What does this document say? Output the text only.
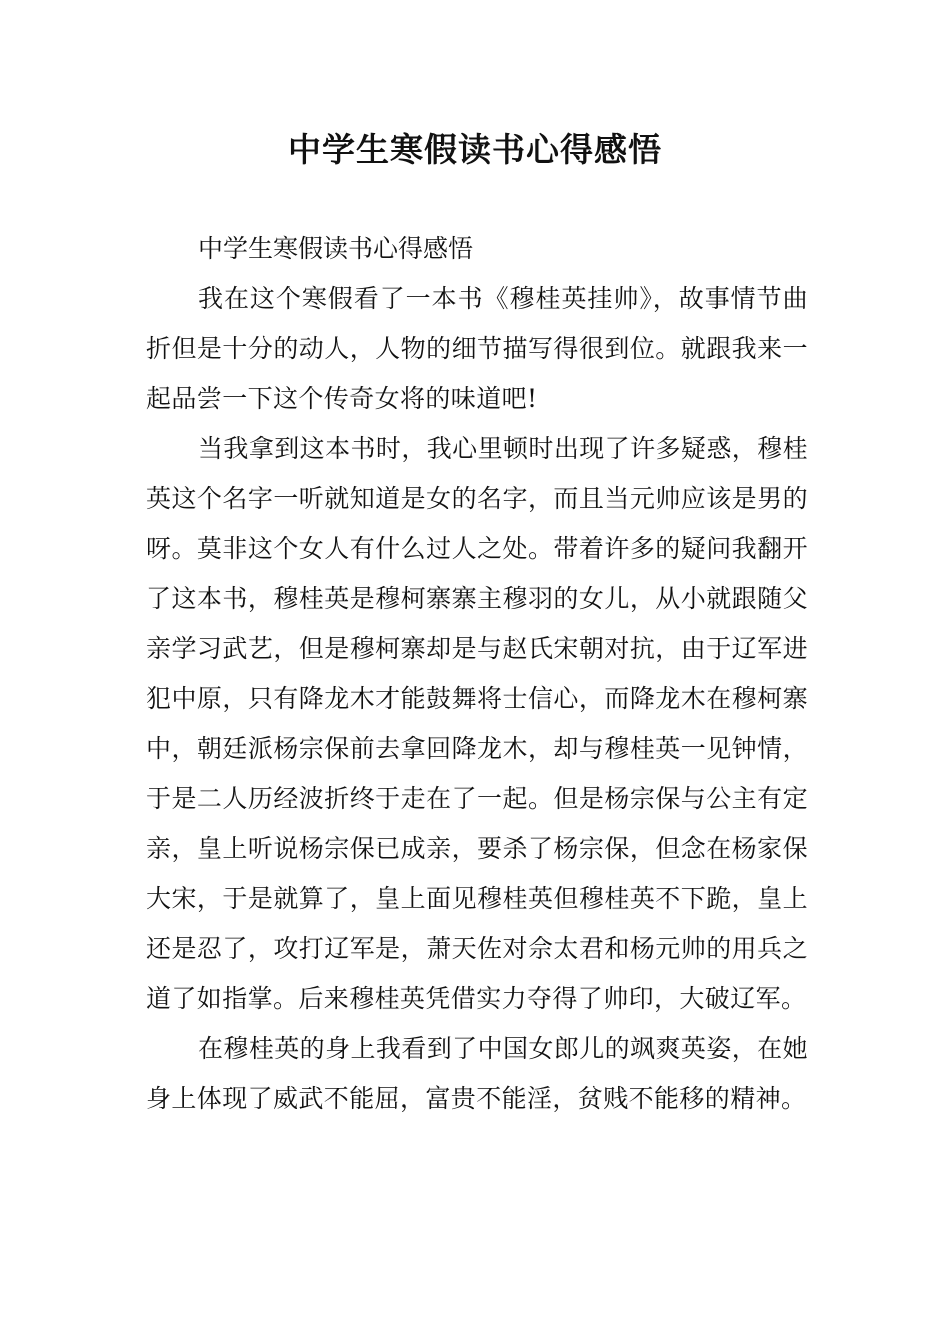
中学生寒假读书心得感悟

中学生寒假读书心得感悟

我在这个寒假看了一本书《穆桂英挂帅》，故事情节曲折但是十分的动人，人物的细节描写得很到位。就跟我来一起品尝一下这个传奇女将的味道吧!

当我拿到这本书时，我心里顿时出现了许多疑惑，穆桂英这个名字一听就知道是女的名字，而且当元帅应该是男的呀。莫非这个女人有什么过人之处。带着许多的疑问我翻开了这本书，穆桂英是穆柯寨寨主穆羽的女儿，从小就跟随父亲学习武艺，但是穆柯寨却是与赵氏宋朝对抗，由于辽军进犯中原，只有降龙木才能鼓舞将士信心，而降龙木在穆柯寨中，朝廷派杨宗保前去拿回降龙木，却与穆桂英一见钟情，于是二人历经波折终于走在了一起。但是杨宗保与公主有定亲，皇上听说杨宗保已成亲，要杀了杨宗保，但念在杨家保大宋，于是就算了，皇上面见穆桂英但穆桂英不下跪，皇上还是忍了，攻打辽军是，萧天佐对佘太君和杨元帅的用兵之道了如指掌。后来穆桂英凭借实力夺得了帅印，大破辽军。

在穆桂英的身上我看到了中国女郎儿的飒爽英姿，在她身上体现了威武不能屈，富贵不能淫，贫贱不能移的精神。
